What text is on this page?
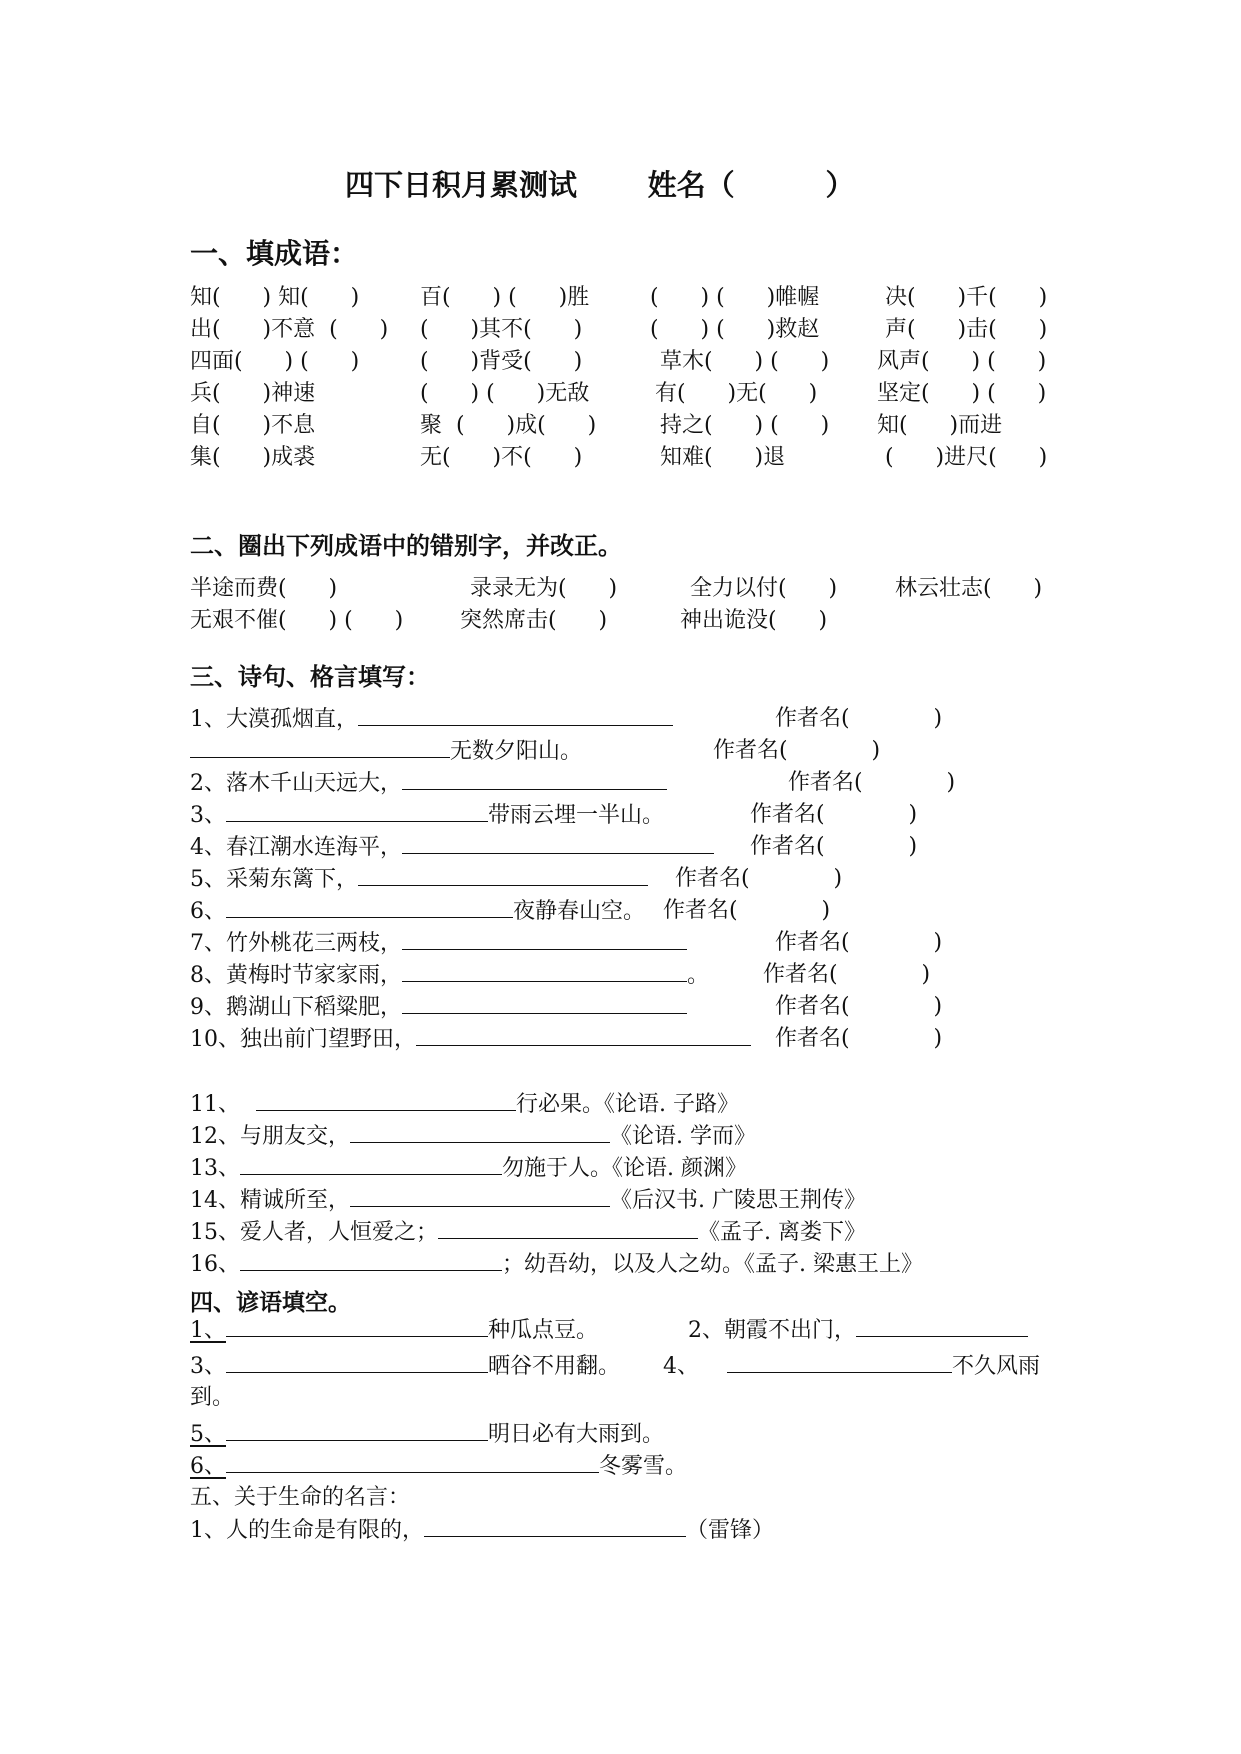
四下日积月累测试       姓名（         ）
一、填成语：
知(      ) 知(      )	百(      ) (      )胜	(      ) (      )帷幄	决(      )千(      )
出(      )不意  (      ) (      )其不(      )	(      ) (      )救赵	声(      )击(      )
四面(      ) (      )	(      )背受(      )	草木(      ) (      ) 风声(      ) (      )
兵(      )神速	(      ) (      )无敌	有(      )无(      )	坚定(      ) (      )
自(      )不息	聚  (      )成(      )	持之(      ) (      ) 知(      )而进
集(      )成裘	无(      )不(      )	知难(      )退	(      )进尺(      )
二、圈出下列成语中的错别字，并改正。
半途而费(      )	录录无为(      )	全力以付(      )	林云壮志(      )
无艰不催(      ) (      )	突然席击(      )	神出诡没(      )
三、诗句、格言填写：
1、大漠孤烟直，	作者名(            )
无数夕阳山。	作者名(            )
2、落木千山天远大，	作者名(            )
3、	带雨云埋一半山。	作者名(            )
4、春江潮水连海平，	作者名(            )
5、采菊东篱下，	作者名(            )
6、	夜静春山空。 作者名(            )
7、竹外桃花三两枝，	作者名(            )
8、黄梅时节家家雨，	。 作者名(            )
9、鹅湖山下稻粱肥，	作者名(            )
10、独出前门望野田，	作者名(            )
11、	行必果。《论语. 子路》
12、与朋友交，	《论语. 学而》
13、	勿施于人。《论语. 颜渊》
14、精诚所至，	《后汉书. 广陵思王荆传》
15、爱人者，人恒爱之；	《孟子. 离娄下》
16、	；幼吾幼，以及人之幼。《孟子. 梁惠王上》
四、谚语填空。
1、	种瓜点豆。	2、朝霞不出门，
3、	晒谷不用翻。 4、	不久风雨
到。
5、	明日必有大雨到。
6、	冬雾雪。
五、关于生命的名言：
1、人的生命是有限的，	（雷锋）
